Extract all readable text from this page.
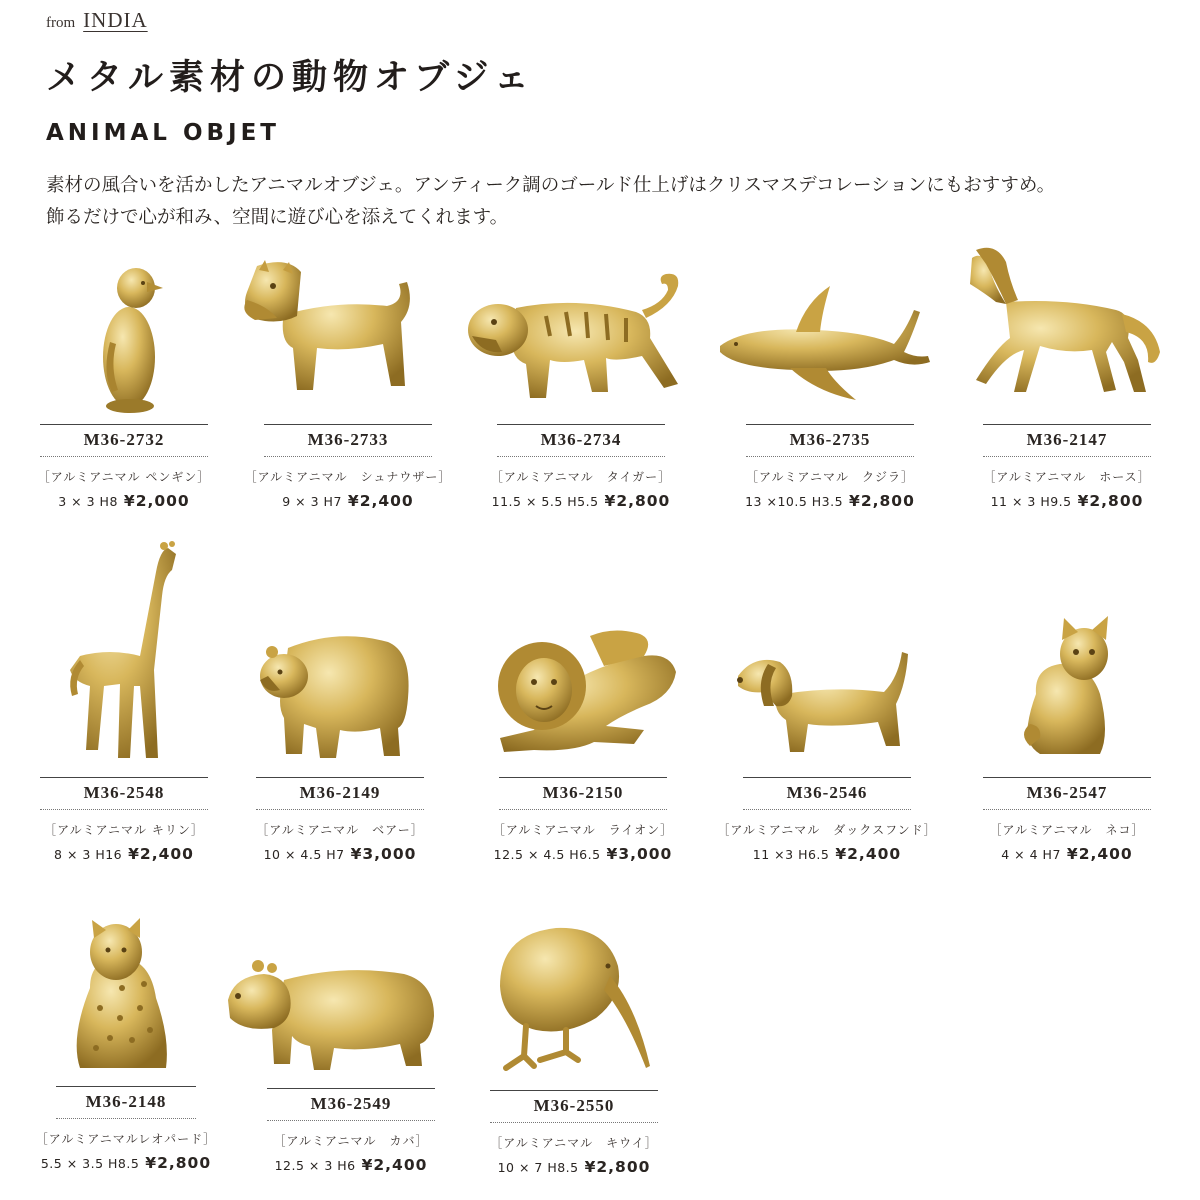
from INDIA
メタル素材の動物オブジェ
ANIMAL OBJET

素材の風合いを活かしたアニマルオブジェ。アンティーク調のゴールド仕上げはクリスマスデコレーションにもおすすめ。
飾るだけで心が和み、空間に遊び心を添えてくれます。

M36-2732
［アルミアニマル ペンギン］
3 × 3 H8 ¥2,000
M36-2733
［アルミアニマル　シュナウザー］
9 × 3 H7 ¥2,400
M36-2734
［アルミアニマル　タイガー］
11.5 × 5.5 H5.5 ¥2,800
M36-2735
［アルミアニマル　クジラ］
13 ×10.5 H3.5 ¥2,800
M36-2147
［アルミアニマル　ホース］
11 × 3 H9.5 ¥2,800
M36-2548
［アルミアニマル キリン］
8 × 3 H16 ¥2,400
M36-2149
［アルミアニマル　ベアー］
10 × 4.5 H7 ¥3,000
M36-2150
［アルミアニマル　ライオン］
12.5 × 4.5 H6.5 ¥3,000
M36-2546
［アルミアニマル　ダックスフンド］
11 ×3 H6.5 ¥2,400
M36-2547
［アルミアニマル　ネコ］
4 × 4 H7 ¥2,400
M36-2148
［アルミアニマルレオパード］
5.5 × 3.5 H8.5 ¥2,800
M36-2549
［アルミアニマル　カバ］
12.5 × 3 H6 ¥2,400
M36-2550
［アルミアニマル　キウイ］
10 × 7 H8.5 ¥2,800
